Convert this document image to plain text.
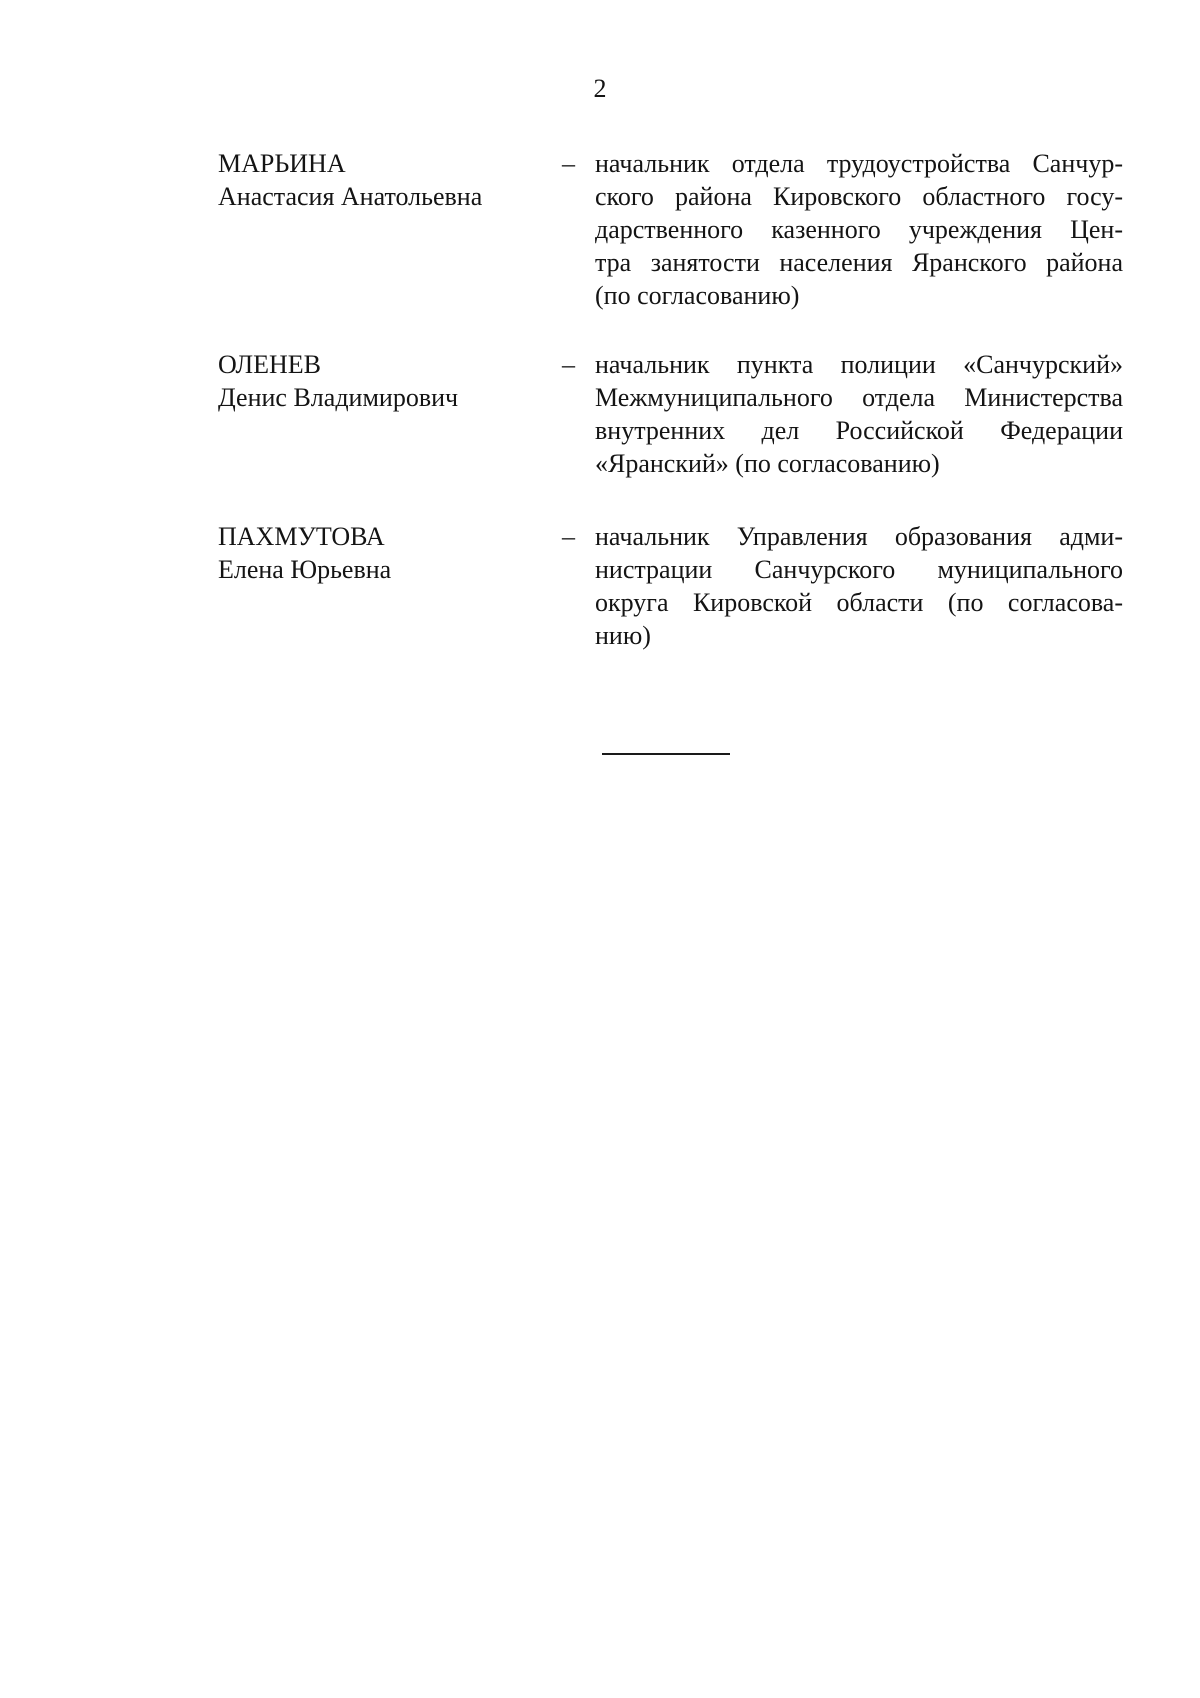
2
МАРЬИНА
Анастасия Анатольевна
– начальник отдела трудоустройства Санчур-
ского района Кировского областного госу-
дарственного казенного учреждения Цен-
тра занятости населения Яранского района
(по согласованию)
ОЛЕНЕВ
Денис Владимирович
– начальник пункта полиции «Санчурский»
Межмуниципального отдела Министерства
внутренних дел Российской Федерации
«Яранский» (по согласованию)
ПАХМУТОВА
Елена Юрьевна
– начальник Управления образования адми-
нистрации Санчурского муниципального
округа Кировской области (по согласова-
нию)
